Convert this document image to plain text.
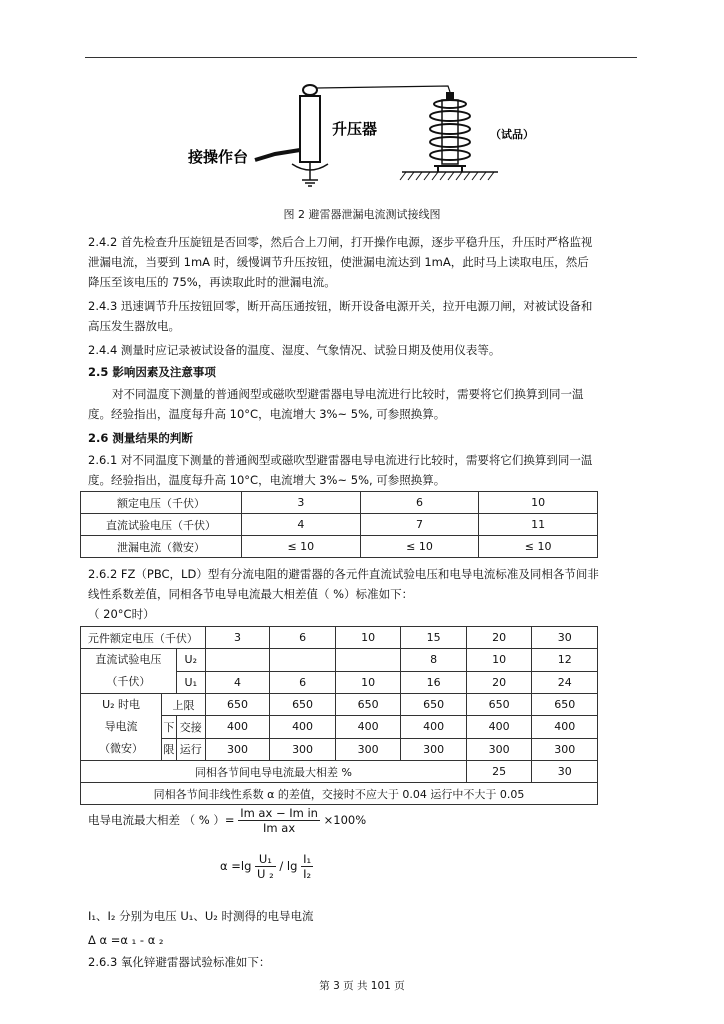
升压器
接操作台
（试品）
图 2 避雷器泄漏电流测试接线图
2.4.2 首先检查升压旋钮是否回零，然后合上刀闸，打开操作电源，逐步平稳升压，升压时严格监视
泄漏电流，当要到 1mA 时，缓慢调节升压按钮，使泄漏电流达到 1mA，此时马上读取电压，然后
降压至该电压的 75%，再读取此时的泄漏电流。
2.4.3 迅速调节升压按钮回零，断开高压通按钮，断开设备电源开关，拉开电源刀闸，对被试设备和
高压发生器放电。
2.4.4 测量时应记录被试设备的温度、湿度、气象情况、试验日期及使用仪表等。
2.5 影响因素及注意事项
对不同温度下测量的普通阀型或磁吹型避雷器电导电流进行比较时，需要将它们换算到同一温
度。经验指出，温度每升高 10°C，电流增大 3%~ 5%, 可参照换算。
2.6 测量结果的判断
2.6.1 对不同温度下测量的普通阀型或磁吹型避雷器电导电流进行比较时，需要将它们换算到同一温
度。经验指出，温度每升高 10°C，电流增大 3%~ 5%, 可参照换算。
额定电压（千伏）	3	6	10
直流试验电压（千伏）	4	7	11
泄漏电流（微安）	≤ 10	≤ 10	≤ 10
2.6.2 FZ（PBC，LD）型有分流电阻的避雷器的各元件直流试验电压和电导电流标准及同相各节间非
线性系数差值，同相各节电导电流最大相差值（ %）标准如下：
（ 20°C时）
元件额定电压（千伏）			3	6	10	15	20	30
直流试验电压
（千伏）		U₂				8	10	12
		U₁	4	6	10	16	20	24
U₂ 时电
导电流
（微安）	上限		650	650	650	650	650	650
	下	交接	400	400	400	400	400	400
	限	运行	300	300	300	300	300	300
同相各节间电导电流最大相差 %							25	30
同相各节间非线性系数 α 的差值，交接时不应大于 0.04 运行中不大于 0.05								
电导电流最大相差 （ % ）= $\frac{\text{Im ax − Im in}}{\text{Im ax}} \times 100\%$
$\alpha =\lg \frac{\text{U₁}}{\text{U ₂}} / \lg \frac{\text{I₁}}{\text{I₂}}$
I₁、I₂ 分别为电压 U₁、U₂ 时测得的电导电流
Δ α =α ₁ - α ₂
2.6.3 氧化锌避雷器试验标准如下：
第 3 页 共 101 页
